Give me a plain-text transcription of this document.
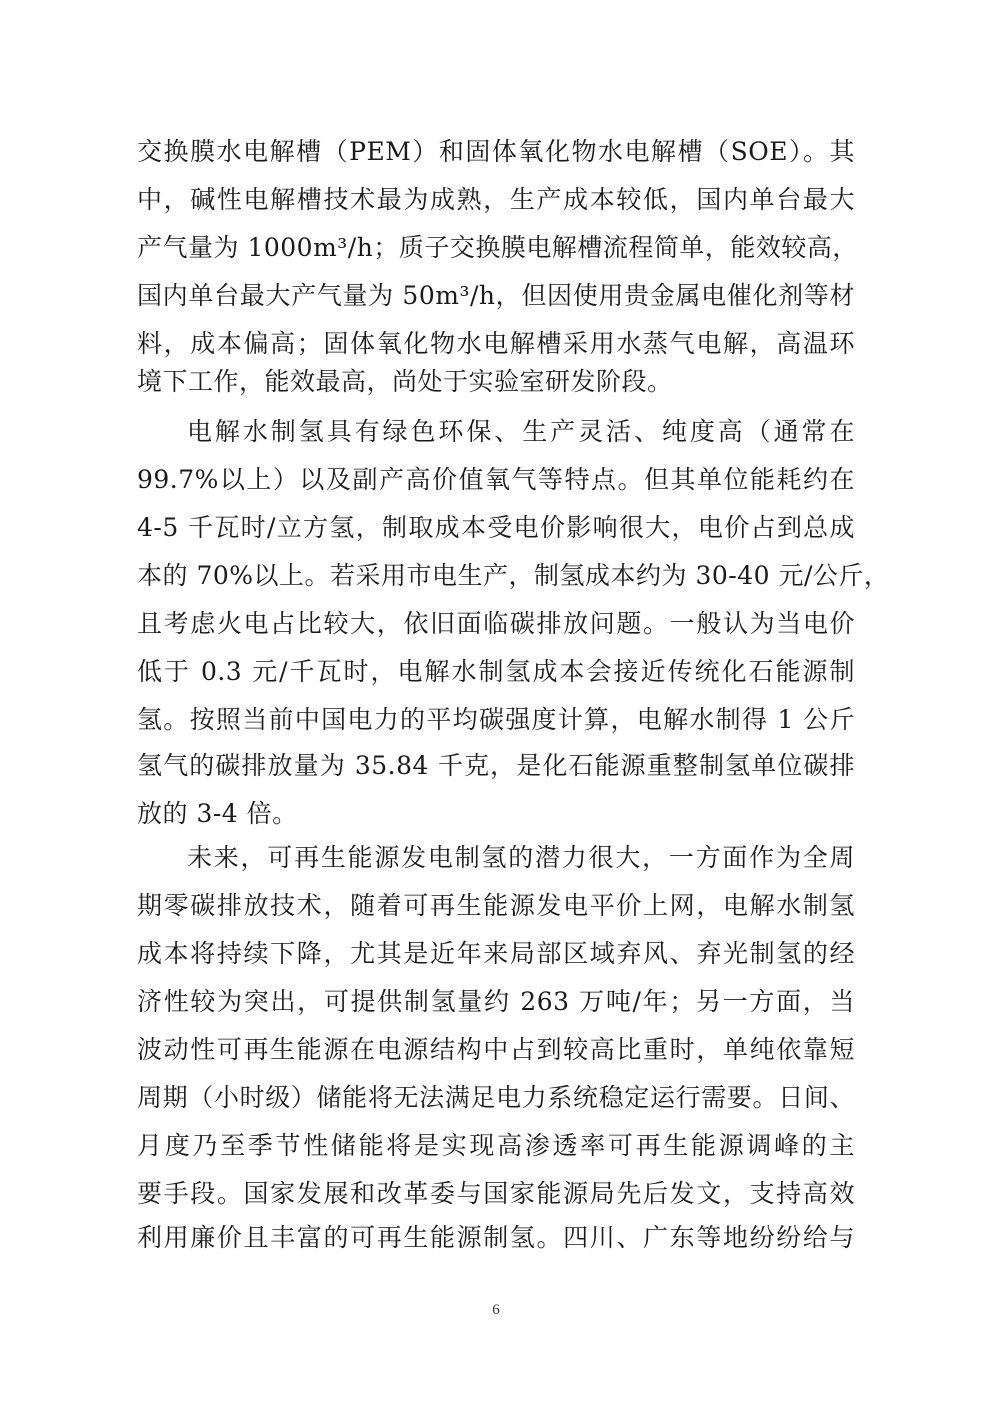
交换膜水电解槽（PEM）和固体氧化物水电解槽（SOE）。其
中，碱性电解槽技术最为成熟，生产成本较低，国内单台最大
产气量为 1000m³/h；质子交换膜电解槽流程简单，能效较高，
国内单台最大产气量为 50m³/h，但因使用贵金属电催化剂等材
料，成本偏高；固体氧化物水电解槽采用水蒸气电解，高温环
境下工作，能效最高，尚处于实验室研发阶段。
电解水制氢具有绿色环保、生产灵活、纯度高（通常在
99.7%以上）以及副产高价值氧气等特点。但其单位能耗约在
4-5 千瓦时/立方氢，制取成本受电价影响很大，电价占到总成
本的 70%以上。若采用市电生产，制氢成本约为 30-40 元/公斤，
且考虑火电占比较大，依旧面临碳排放问题。一般认为当电价
低于 0.3 元/千瓦时，电解水制氢成本会接近传统化石能源制
氢。按照当前中国电力的平均碳强度计算，电解水制得 1 公斤
氢气的碳排放量为 35.84 千克，是化石能源重整制氢单位碳排
放的 3-4 倍。
未来，可再生能源发电制氢的潜力很大，一方面作为全周
期零碳排放技术，随着可再生能源发电平价上网，电解水制氢
成本将持续下降，尤其是近年来局部区域弃风、弃光制氢的经
济性较为突出，可提供制氢量约 263 万吨/年；另一方面，当
波动性可再生能源在电源结构中占到较高比重时，单纯依靠短
周期（小时级）储能将无法满足电力系统稳定运行需要。日间、
月度乃至季节性储能将是实现高渗透率可再生能源调峰的主
要手段。国家发展和改革委与国家能源局先后发文，支持高效
利用廉价且丰富的可再生能源制氢。四川、广东等地纷纷给与
6
